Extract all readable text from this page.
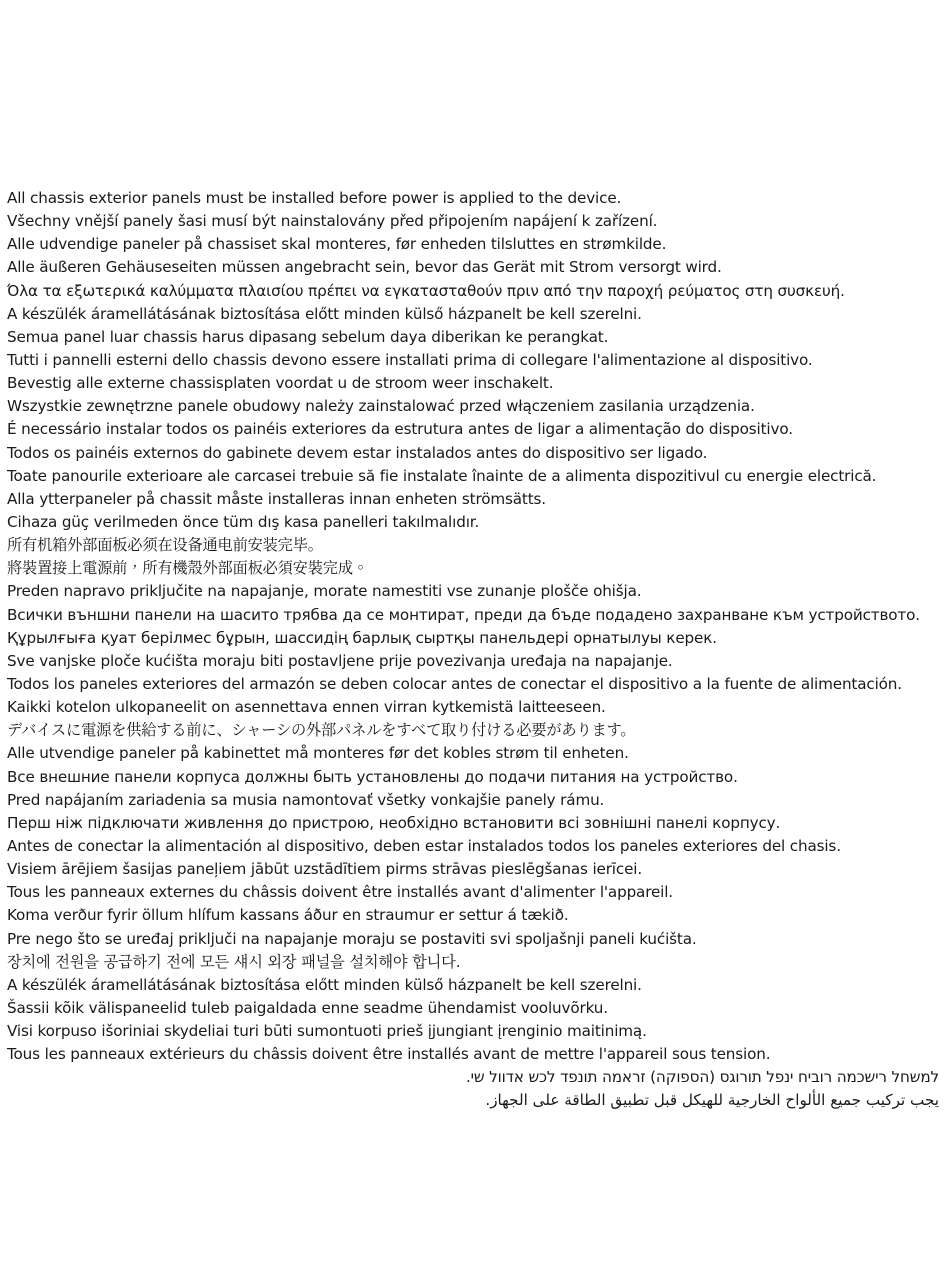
All chassis exterior panels must be installed before power is applied to the device.
Všechny vnější panely šasi musí být nainstalovány před připojením napájení k zařízení.
Alle udvendige paneler på chassiset skal monteres, før enheden tilsluttes en strømkilde.
Alle äußeren Gehäuseseiten müssen angebracht sein, bevor das Gerät mit Strom versorgt wird.
Όλα τα εξωτερικά καλύμματα πλαισίου πρέπει να εγκατασταθούν πριν από την παροχή ρεύματος στη συσκευή.
A készülék áramellátásának biztosítása előtt minden külső házpanelt be kell szerelni.
Semua panel luar chassis harus dipasang sebelum daya diberikan ke perangkat.
Tutti i pannelli esterni dello chassis devono essere installati prima di collegare l'alimentazione al dispositivo.
Bevestig alle externe chassisplaten voordat u de stroom weer inschakelt.
Wszystkie zewnętrzne panele obudowy należy zainstalować przed włączeniem zasilania urządzenia.
É necessário instalar todos os painéis exteriores da estrutura antes de ligar a alimentação do dispositivo.
Todos os painéis externos do gabinete devem estar instalados antes do dispositivo ser ligado.
Toate panourile exterioare ale carcasei trebuie să fie instalate înainte de a alimenta dispozitivul cu energie electrică.
Alla ytterpaneler på chassit måste installeras innan enheten strömsätts.
Cihaza güç verilmeden önce tüm dış kasa panelleri takılmalıdır.
所有机箱外部面板必须在设备通电前安装完毕。
將裝置接上電源前，所有機殼外部面板必須安裝完成。
Preden napravo priključite na napajanje, morate namestiti vse zunanje plošče ohišja.
Всички външни панели на шасито трябва да се монтират, преди да бъде подадено захранване към устройството.
Құрылғыға қуат берілмес бұрын, шассидің барлық сыртқы панельдері орнатылуы керек.
Sve vanjske ploče kućišta moraju biti postavljene prije povezivanja uređaja na napajanje.
Todos los paneles exteriores del armazón se deben colocar antes de conectar el dispositivo a la fuente de alimentación.
Kaikki kotelon ulkopaneelit on asennettava ennen virran kytkemistä laitteeseen.
デバイスに電源を供給する前に、シャーシの外部パネルをすべて取り付ける必要があります。
Alle utvendige paneler på kabinettet må monteres før det kobles strøm til enheten.
Все внешние панели корпуса должны быть установлены до подачи питания на устройство.
Pred napájaním zariadenia sa musia namontovať všetky vonkajšie panely rámu.
Перш ніж підключати живлення до пристрою, необхідно встановити всі зовнішні панелі корпусу.
Antes de conectar la alimentación al dispositivo, deben estar instalados todos los paneles exteriores del chasis.
Visiem ārējiem šasijas paneļiem jābūt uzstādītiem pirms strāvas pieslēgšanas ierīcei.
Tous les panneaux externes du châssis doivent être installés avant d'alimenter l'appareil.
Koma verður fyrir öllum hlífum kassans áður en straumur er settur á tækið.
Pre nego što se uređaj priključi na napajanje moraju se postaviti svi spoljašnji paneli kućišta.
장치에 전원을 공급하기 전에 모든 섀시 외장 패널을 설치해야 합니다.
A készülék áramellátásának biztosítása előtt minden külső házpanelt be kell szerelni.
Šassii kõik välispaneelid tuleb paigaldada enne seadme ühendamist vooluvõrku.
Visi korpuso išoriniai skydeliai turi būti sumontuoti prieš įjungiant įrenginio maitinimą.
Tous les panneaux extérieurs du châssis doivent être installés avant de mettre l'appareil sous tension.
למשחל רישכמה רוביח ינפל תורוגס (הספוקה) זראמה תונפד לכש אדוול שי.
يجب تركيب جميع الألواح الخارجية للهيكل قبل تطبيق الطاقة على الجهاز.
